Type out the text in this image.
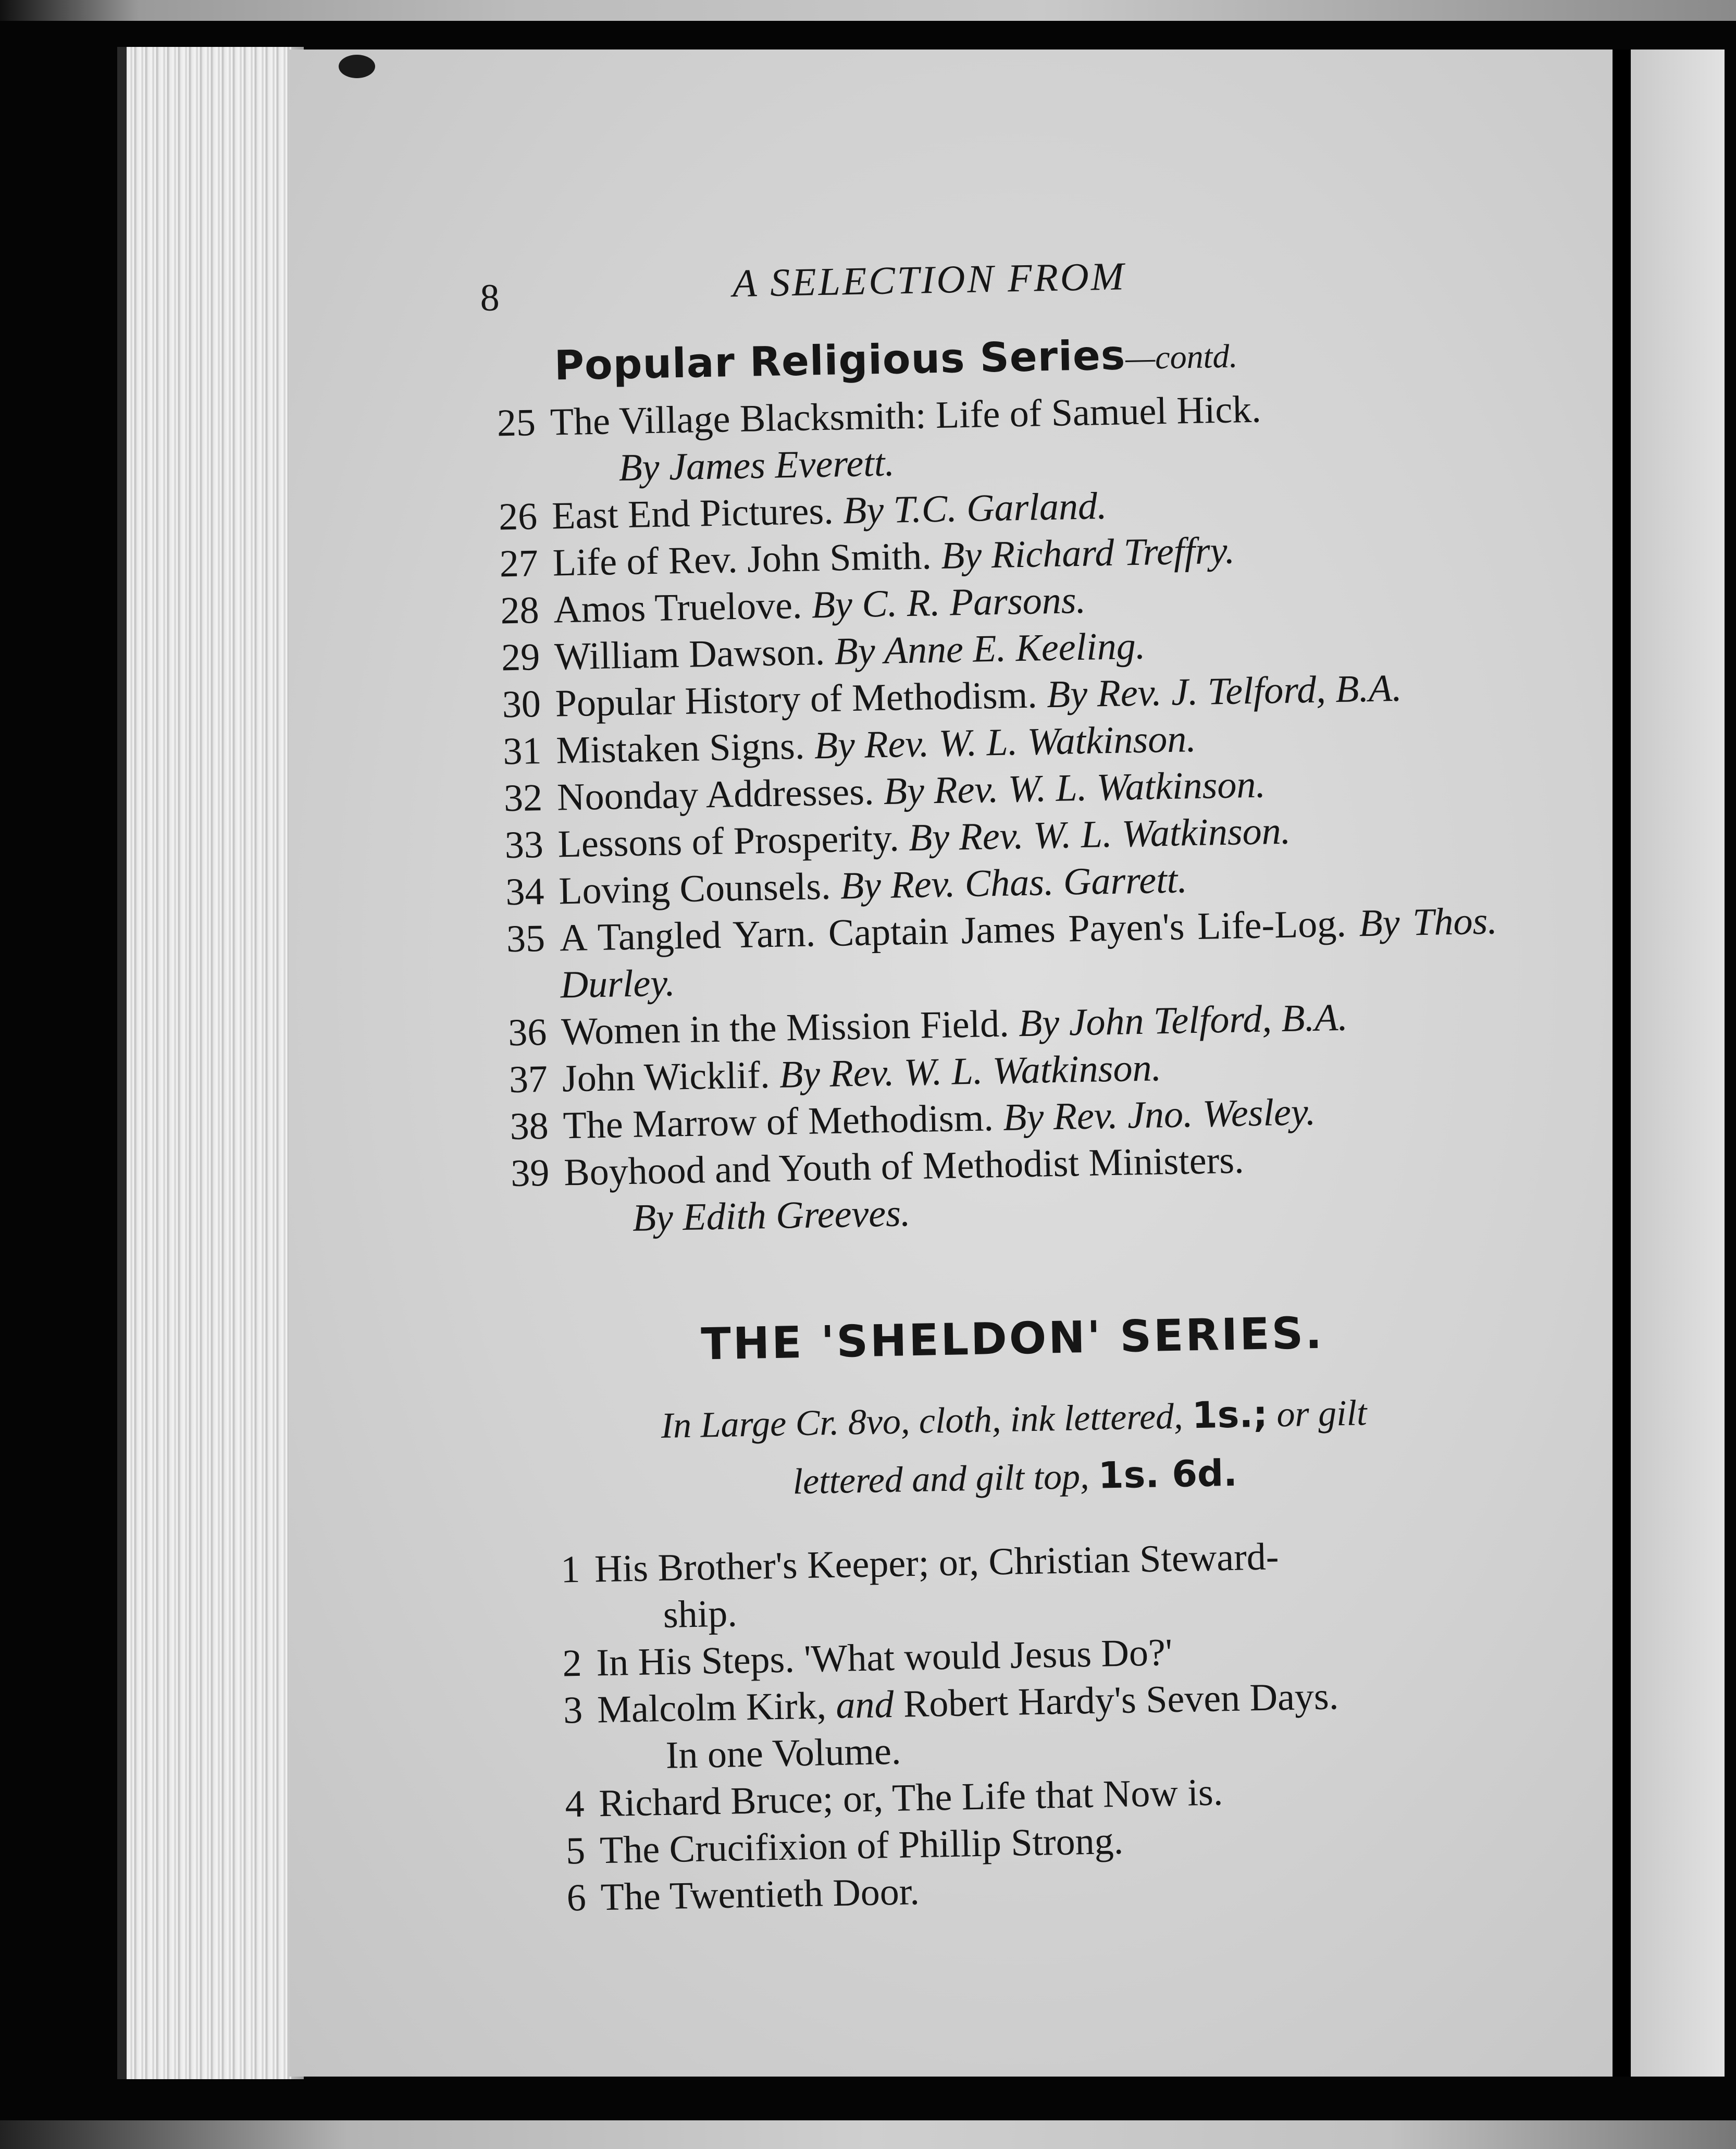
8	A SELECTION FROM
Popular Religious Series—contd.
25 The Village Blacksmith: Life of Samuel Hick.
By James Everett.
26 East End Pictures. By T.C. Garland.
27 Life of Rev. John Smith. By Richard Treffry.
28 Amos Truelove. By C. R. Parsons.
29 William Dawson. By Anne E. Keeling.
30 Popular History of Methodism. By Rev. J. Telford, B.A.
31 Mistaken Signs. By Rev. W. L. Watkinson.
32 Noonday Addresses. By Rev. W. L. Watkinson.
33 Lessons of Prosperity. By Rev. W. L. Watkinson.
34 Loving Counsels. By Rev. Chas. Garrett.
35 A Tangled Yarn. Captain James Payen's Life-Log. By Thos. Durley.
36 Women in the Mission Field. By John Telford, B.A.
37 John Wicklif. By Rev. W. L. Watkinson.
38 The Marrow of Methodism. By Rev. Jno. Wesley.
39 Boyhood and Youth of Methodist Ministers.
By Edith Greeves.
THE 'SHELDON' SERIES.
In Large Cr. 8vo, cloth, ink lettered, 1s.; or gilt
lettered and gilt top, 1s. 6d.
1 His Brother's Keeper; or, Christian Steward-
ship.
2 In His Steps. 'What would Jesus Do?'
3 Malcolm Kirk, and Robert Hardy's Seven Days.
In one Volume.
4 Richard Bruce; or, The Life that Now is.
5 The Crucifixion of Phillip Strong.
6 The Twentieth Door.
